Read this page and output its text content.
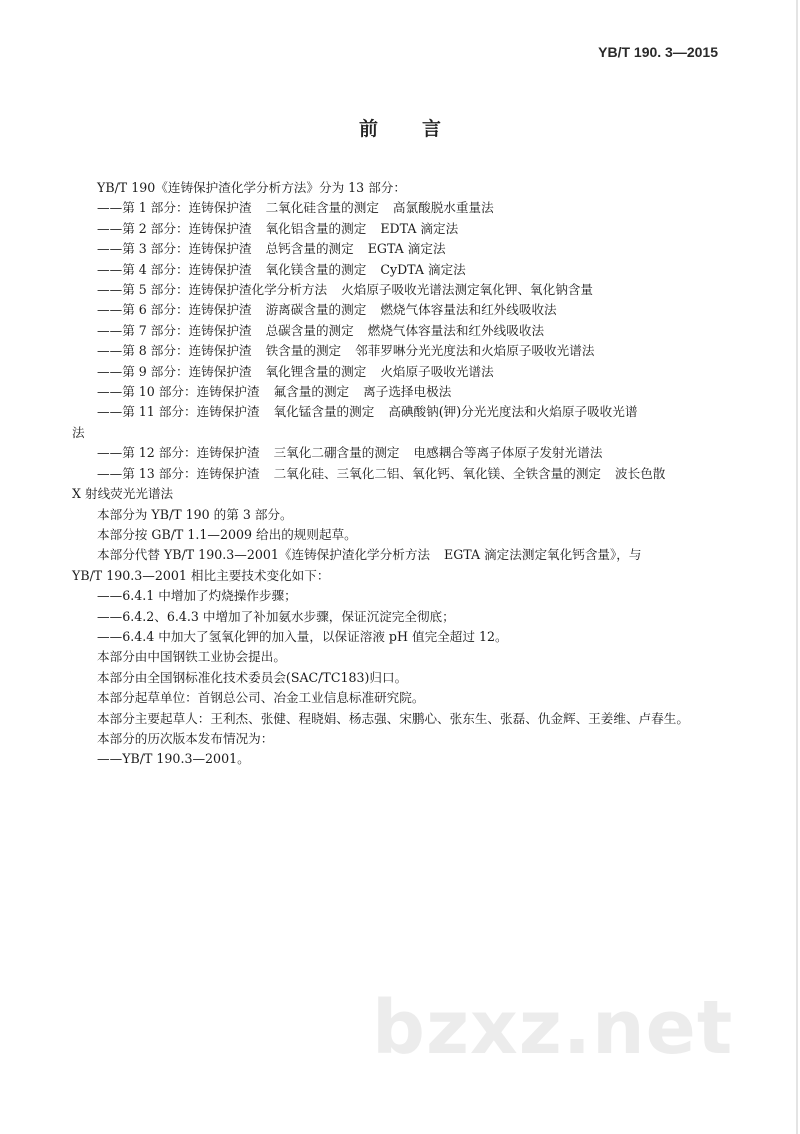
YB/T 190. 3—2015
前 言
YB/T 190《连铸保护渣化学分析方法》分为 13 部分：
——第 1 部分：连铸保护渣 二氧化硅含量的测定 高氯酸脱水重量法
——第 2 部分：连铸保护渣 氧化铝含量的测定 EDTA 滴定法
——第 3 部分：连铸保护渣 总钙含量的测定 EGTA 滴定法
——第 4 部分：连铸保护渣 氧化镁含量的测定 CyDTA 滴定法
——第 5 部分：连铸保护渣化学分析方法 火焰原子吸收光谱法测定氧化钾、氧化钠含量
——第 6 部分：连铸保护渣 游离碳含量的测定 燃烧气体容量法和红外线吸收法
——第 7 部分：连铸保护渣 总碳含量的测定 燃烧气体容量法和红外线吸收法
——第 8 部分：连铸保护渣 铁含量的测定 邻菲罗啉分光光度法和火焰原子吸收光谱法
——第 9 部分：连铸保护渣 氧化锂含量的测定 火焰原子吸收光谱法
——第 10 部分：连铸保护渣 氟含量的测定 离子选择电极法
——第 11 部分：连铸保护渣 氧化锰含量的测定 高碘酸钠(钾)分光光度法和火焰原子吸收光谱
法
——第 12 部分：连铸保护渣 三氧化二硼含量的测定 电感耦合等离子体原子发射光谱法
——第 13 部分：连铸保护渣 二氧化硅、三氧化二铝、氧化钙、氧化镁、全铁含量的测定 波长色散
X 射线荧光光谱法
本部分为 YB/T 190 的第 3 部分。
本部分按 GB/T 1.1—2009 给出的规则起草。
本部分代替 YB/T 190.3—2001《连铸保护渣化学分析方法 EGTA 滴定法测定氧化钙含量》，与
YB/T 190.3—2001 相比主要技术变化如下：
——6.4.1 中增加了灼烧操作步骤；
——6.4.2、6.4.3 中增加了补加氨水步骤，保证沉淀完全彻底；
——6.4.4 中加大了氢氧化钾的加入量，以保证溶液 pH 值完全超过 12。
本部分由中国钢铁工业协会提出。
本部分由全国钢标准化技术委员会(SAC/TC183)归口。
本部分起草单位：首钢总公司、冶金工业信息标准研究院。
本部分主要起草人：王利杰、张健、程晓娟、杨志强、宋鹏心、张东生、张磊、仇金辉、王姜维、卢春生。
本部分的历次版本发布情况为：
——YB/T 190.3—2001。
bzxz.net
